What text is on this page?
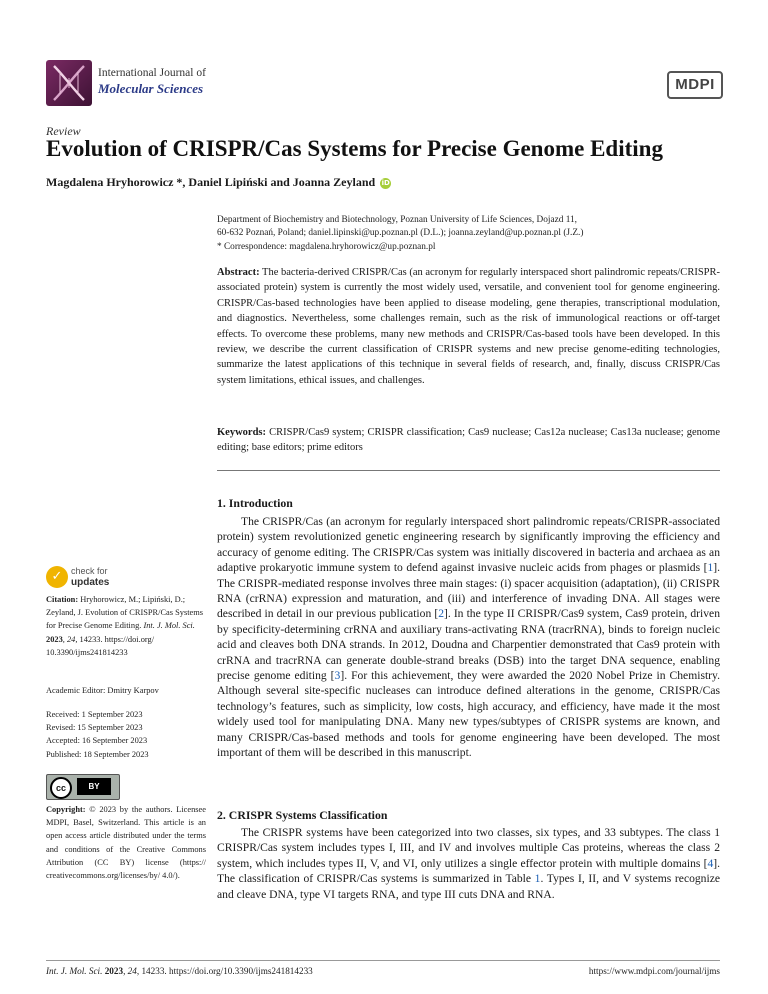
International Journal of
Molecular Sciences	MDPI
Review
Evolution of CRISPR/Cas Systems for Precise Genome Editing
Magdalena Hryhorowicz *, Daniel Lipiński and Joanna Zeyland iD
Department of Biochemistry and Biotechnology, Poznan University of Life Sciences, Dojazd 11,
60-632 Poznań, Poland; daniel.lipinski@up.poznan.pl (D.L.); joanna.zeyland@up.poznan.pl (J.Z.)
* Correspondence: magdalena.hryhorowicz@up.poznan.pl
Abstract: The bacteria-derived CRISPR/Cas (an acronym for regularly interspaced short palindromic repeats/CRISPR-associated protein) system is currently the most widely used, versatile, and convenient tool for genome engineering. CRISPR/Cas-based technologies have been applied to disease modeling, gene therapies, transcriptional modulation, and diagnostics. Nevertheless, some challenges remain, such as the risk of immunological reactions or off-target effects. To overcome these problems, many new methods and CRISPR/Cas-based tools have been developed. In this review, we describe the current classification of CRISPR systems and new precise genome-editing technologies, summarize the latest applications of this technique in several fields of research, and, finally, discuss CRISPR/Cas system limitations, ethical issues, and challenges.
Keywords: CRISPR/Cas9 system; CRISPR classification; Cas9 nuclease; Cas12a nuclease; Cas13a nuclease; genome editing; base editors; prime editors
1. Introduction
The CRISPR/Cas (an acronym for regularly interspaced short palindromic repeats/CRISPR-associated protein) system revolutionized genetic engineering research by significantly improving the efficiency and accuracy of genome editing. The CRISPR/Cas system was initially discovered in bacteria and archaea as an adaptive prokaryotic immune system to defend against invasive nucleic acids from phages or plasmids [1]. The CRISPR-mediated response involves three main stages: (i) spacer acquisition (adaptation), (ii) CRISPR RNA (crRNA) expression and maturation, and (iii) and interference of invading DNA. All stages were described in detail in our previous publication [2]. In the type II CRISPR/Cas9 system, Cas9 protein, driven by specificity-determining crRNA and auxiliary trans-activating RNA (tracrRNA), binds to foreign nucleic acid and cleaves both DNA strands. In 2012, Doudna and Charpentier demonstrated that Cas9 protein with crRNA and tracrRNA can generate double-strand breaks (DSB) into the target DNA sequence, enabling precise genome editing [3]. For this achievement, they were awarded the 2020 Nobel Prize in Chemistry. Although several site-specific nucleases can introduce defined alterations in the genome, CRISPR/Cas technology’s features, such as simplicity, low costs, high accuracy, and efficiency, have made it the most widely used tool for manipulating DNA. Many new types/subtypes of CRISPR systems are known, and many CRISPR/Cas-based methods and tools for genome engineering have been developed. The most important of them will be described in this manuscript.
2. CRISPR Systems Classification
The CRISPR systems have been categorized into two classes, six types, and 33 subtypes. The class 1 CRISPR/Cas system includes types I, III, and IV and involves multiple Cas proteins, whereas the class 2 system, which includes types II, V, and VI, only utilizes a single effector protein with multiple domains [4]. The classification of CRISPR/Cas systems is summarized in Table 1. Types I, II, and V systems recognize and cleave DNA, type VI targets RNA, and type III cuts DNA and RNA.
✓ check for
updates
Citation: Hryhorowicz, M.; Lipiński, D.; Zeyland, J. Evolution of CRISPR/Cas Systems for Precise Genome Editing. Int. J. Mol. Sci. 2023, 24, 14233. https://doi.org/ 10.3390/ijms241814233
Academic Editor: Dmitry Karpov
Received: 1 September 2023
Revised: 15 September 2023
Accepted: 16 September 2023
Published: 18 September 2023
cc	BY
Copyright: © 2023 by the authors. Licensee MDPI, Basel, Switzerland. This article is an open access article distributed under the terms and conditions of the Creative Commons Attribution (CC BY) license (https:// creativecommons.org/licenses/by/ 4.0/).
Int. J. Mol. Sci. 2023, 24, 14233. https://doi.org/10.3390/ijms241814233	https://www.mdpi.com/journal/ijms
